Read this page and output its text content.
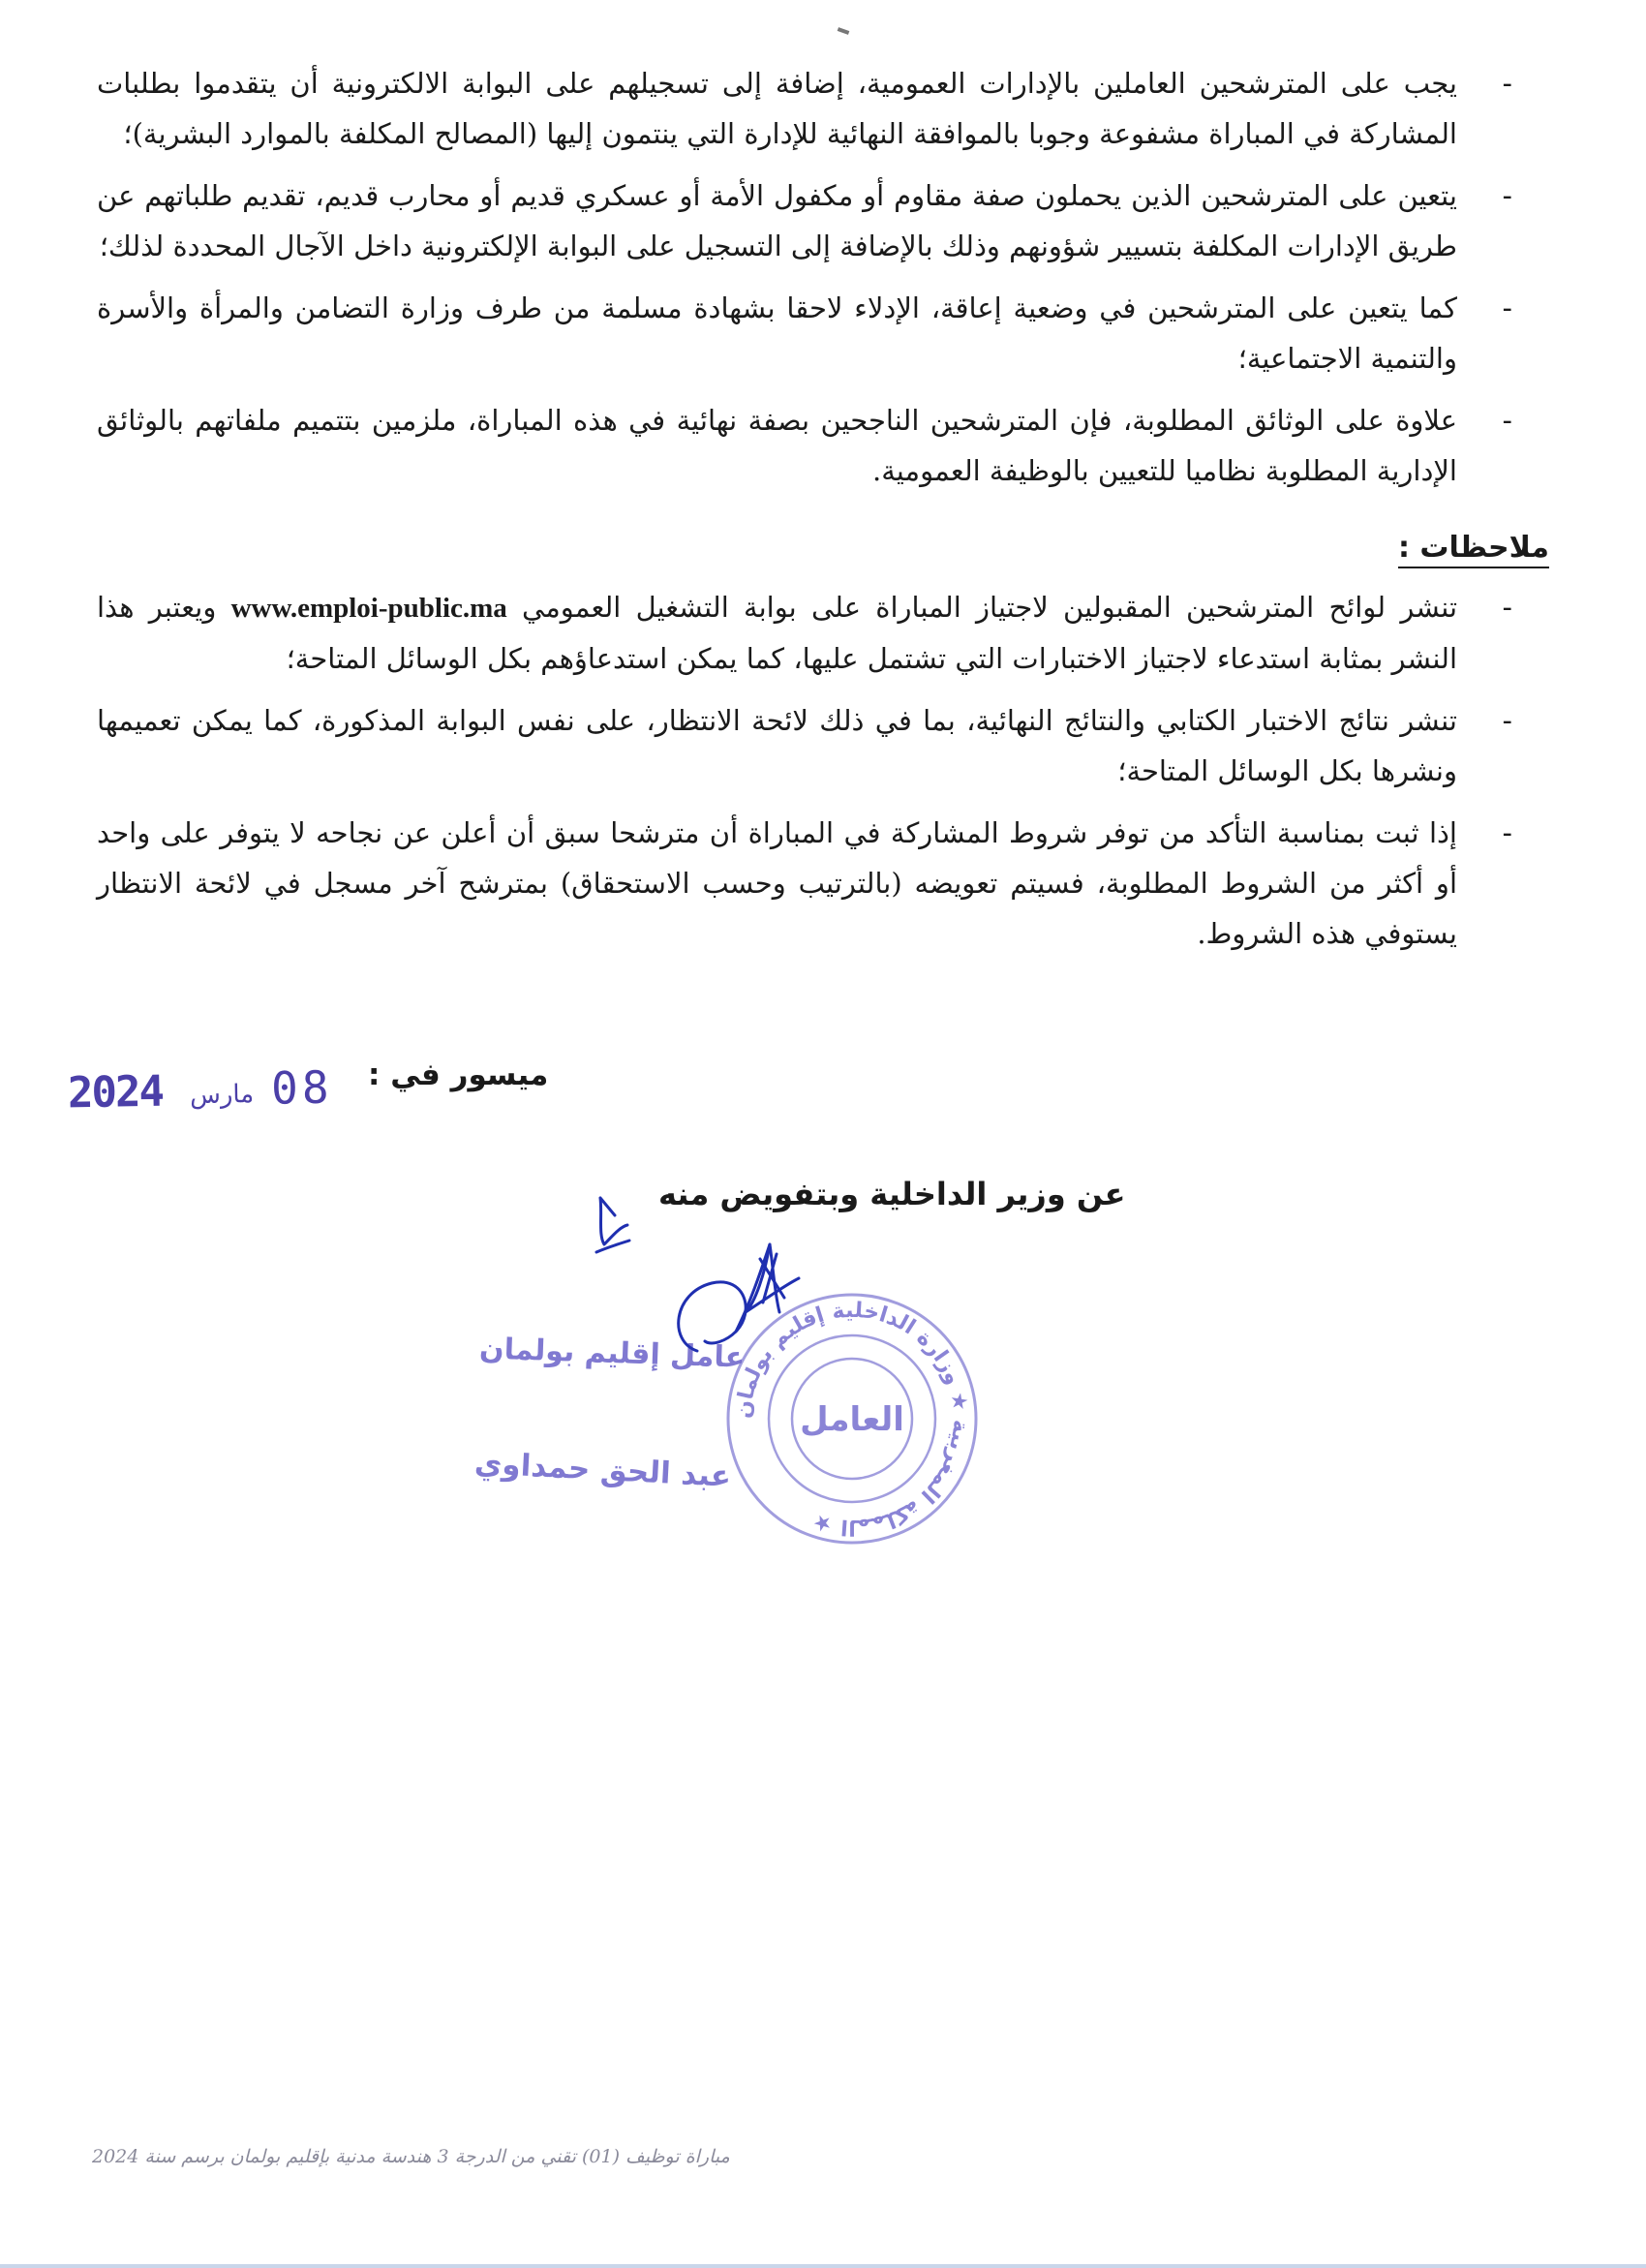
-
يجب على المترشحين العاملين بالإدارات العمومية، إضافة إلى تسجيلهم على البوابة الالكترونية أن يتقدموا بطلبات المشاركة في المباراة مشفوعة وجوبا بالموافقة النهائية للإدارة التي ينتمون إليها (المصالح المكلفة بالموارد البشرية)؛
-
يتعين على المترشحين الذين يحملون صفة مقاوم أو مكفول الأمة أو عسكري قديم أو محارب قديم، تقديم طلباتهم عن طريق الإدارات المكلفة بتسيير شؤونهم وذلك بالإضافة إلى التسجيل على البوابة الإلكترونية داخل الآجال المحددة لذلك؛
-
كما يتعين على المترشحين في وضعية إعاقة، الإدلاء لاحقا بشهادة مسلمة من طرف وزارة التضامن والمرأة والأسرة والتنمية الاجتماعية؛
-
علاوة على الوثائق المطلوبة، فإن المترشحين الناجحين بصفة نهائية في هذه المباراة، ملزمين بتتميم ملفاتهم بالوثائق الإدارية المطلوبة نظاميا للتعيين بالوظيفة العمومية.
ملاحظات :
-
تنشر لوائح المترشحين المقبولين لاجتياز المباراة على بوابة التشغيل العمومي www.emploi-public.ma ويعتبر هذا النشر بمثابة استدعاء لاجتياز الاختبارات التي تشتمل عليها، كما يمكن استدعاؤهم بكل الوسائل المتاحة؛
-
تنشر نتائج الاختبار الكتابي والنتائج النهائية، بما في ذلك لائحة الانتظار، على نفس البوابة المذكورة، كما يمكن تعميمها ونشرها بكل الوسائل المتاحة؛
-
إذا ثبت بمناسبة التأكد من توفر شروط المشاركة في المباراة أن مترشحا سبق أن أعلن عن نجاحه لا يتوفر على واحد أو أكثر من الشروط المطلوبة، فسيتم تعويضه (بالترتيب وحسب الاستحقاق) بمترشح آخر مسجل في لائحة الانتظار يستوفي هذه الشروط.
ميسور في :
2024 مارس 08
عن وزير الداخلية وبتفويض منه
المملكة المغربية ★ وزارة الداخلية إقليم بولمان ★
العامل
عامل إقليم بولمان
عبد الحق حمداوي
مباراة توظيف (01) تقني من الدرجة 3 هندسة مدنية بإقليم بولمان برسم سنة 2024
